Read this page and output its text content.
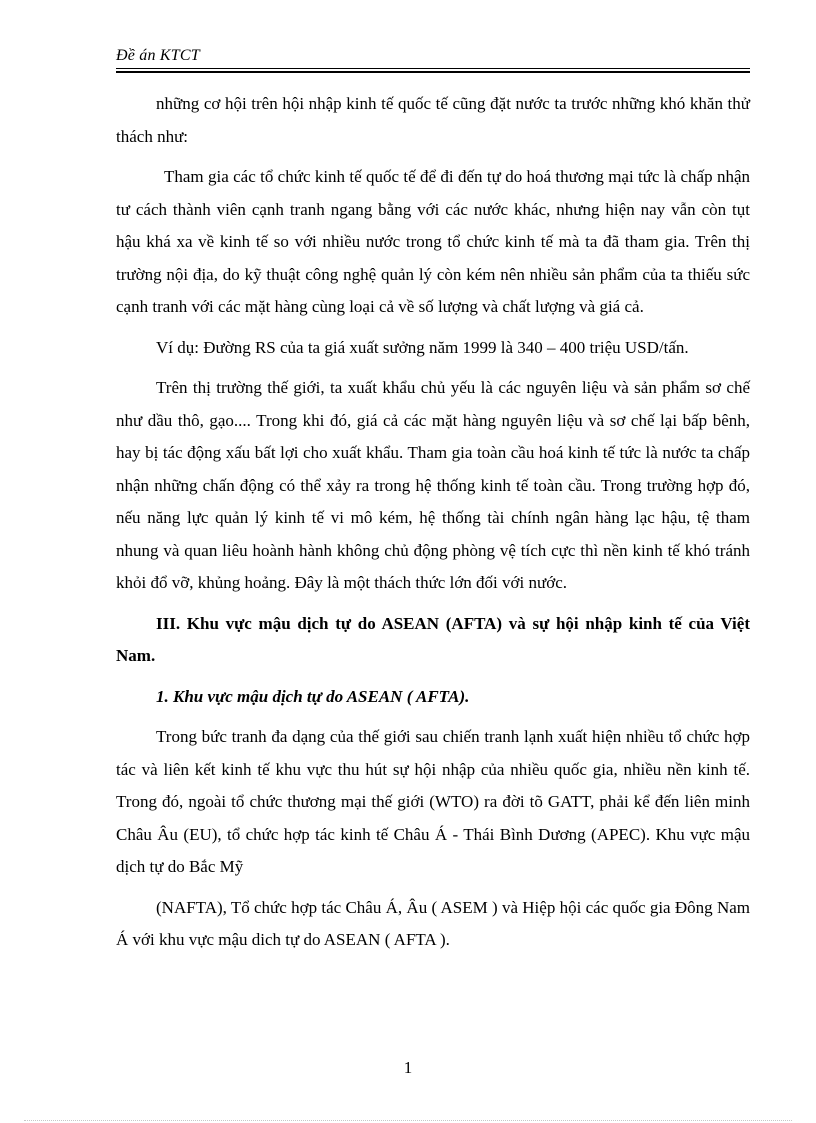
Đề án KTCT

những cơ hội trên hội nhập kinh tế quốc tế cũng đặt nước ta trước những khó khăn thử thách như:

Tham gia các tổ chức kinh tế quốc tế để đi đến tự do hoá thương mại tức là chấp nhận tư cách thành viên cạnh tranh ngang bằng với các nước khác, nhưng hiện nay vẫn còn tụt hậu khá xa về kinh tế so với nhiều nước trong tổ chức kinh tế mà ta đã tham gia. Trên thị trường nội địa, do kỹ thuật công nghệ quản lý còn kém nên nhiều sản phẩm của ta thiếu sức cạnh tranh với các mặt hàng cùng loại cả về số lượng và chất lượng và giá cả.

Ví dụ: Đường RS của ta giá xuất sưởng năm 1999 là 340 – 400 triệu USD/tấn.

Trên thị trường thế giới, ta xuất khẩu chủ yếu là các nguyên liệu và sản phẩm sơ chế như dầu thô, gạo.... Trong khi đó, giá cả các mặt hàng nguyên liệu và sơ chế lại bấp bênh, hay bị tác động xấu bất lợi cho xuất khẩu. Tham gia toàn cầu hoá kinh tế tức là nước ta chấp nhận những chấn động có thể xảy ra trong hệ thống kinh tế toàn cầu. Trong trường hợp đó, nếu năng lực quản lý kinh tế vi mô kém, hệ thống tài chính ngân hàng lạc hậu, tệ tham nhung và quan liêu hoành hành không chủ động phòng vệ tích cực thì nền kinh tế khó tránh khỏi đổ vỡ, khủng hoảng. Đây là một thách thức lớn đối với nước.

III. Khu vực mậu dịch tự do ASEAN (AFTA) và sự hội nhập kinh tế của Việt Nam.

1. Khu vực mậu dịch tự do ASEAN ( AFTA).

Trong bức tranh đa dạng của thế giới sau chiến tranh lạnh xuất hiện nhiều tổ chức hợp tác và liên kết kinh tế khu vực thu hút sự hội nhập của nhiều quốc gia, nhiều nền kinh tế. Trong đó, ngoài tổ chức thương mại thế giới (WTO) ra đời tõ GATT, phải kể đến liên minh Châu Âu (EU), tổ chức hợp tác kinh tế Châu Á - Thái Bình Dương (APEC). Khu vực mậu dịch tự do Bắc Mỹ

(NAFTA), Tổ chức hợp tác Châu Á, Âu ( ASEM ) và Hiệp hội các quốc gia Đông Nam Á với khu vực mậu dich tự do ASEAN ( AFTA ).

1
